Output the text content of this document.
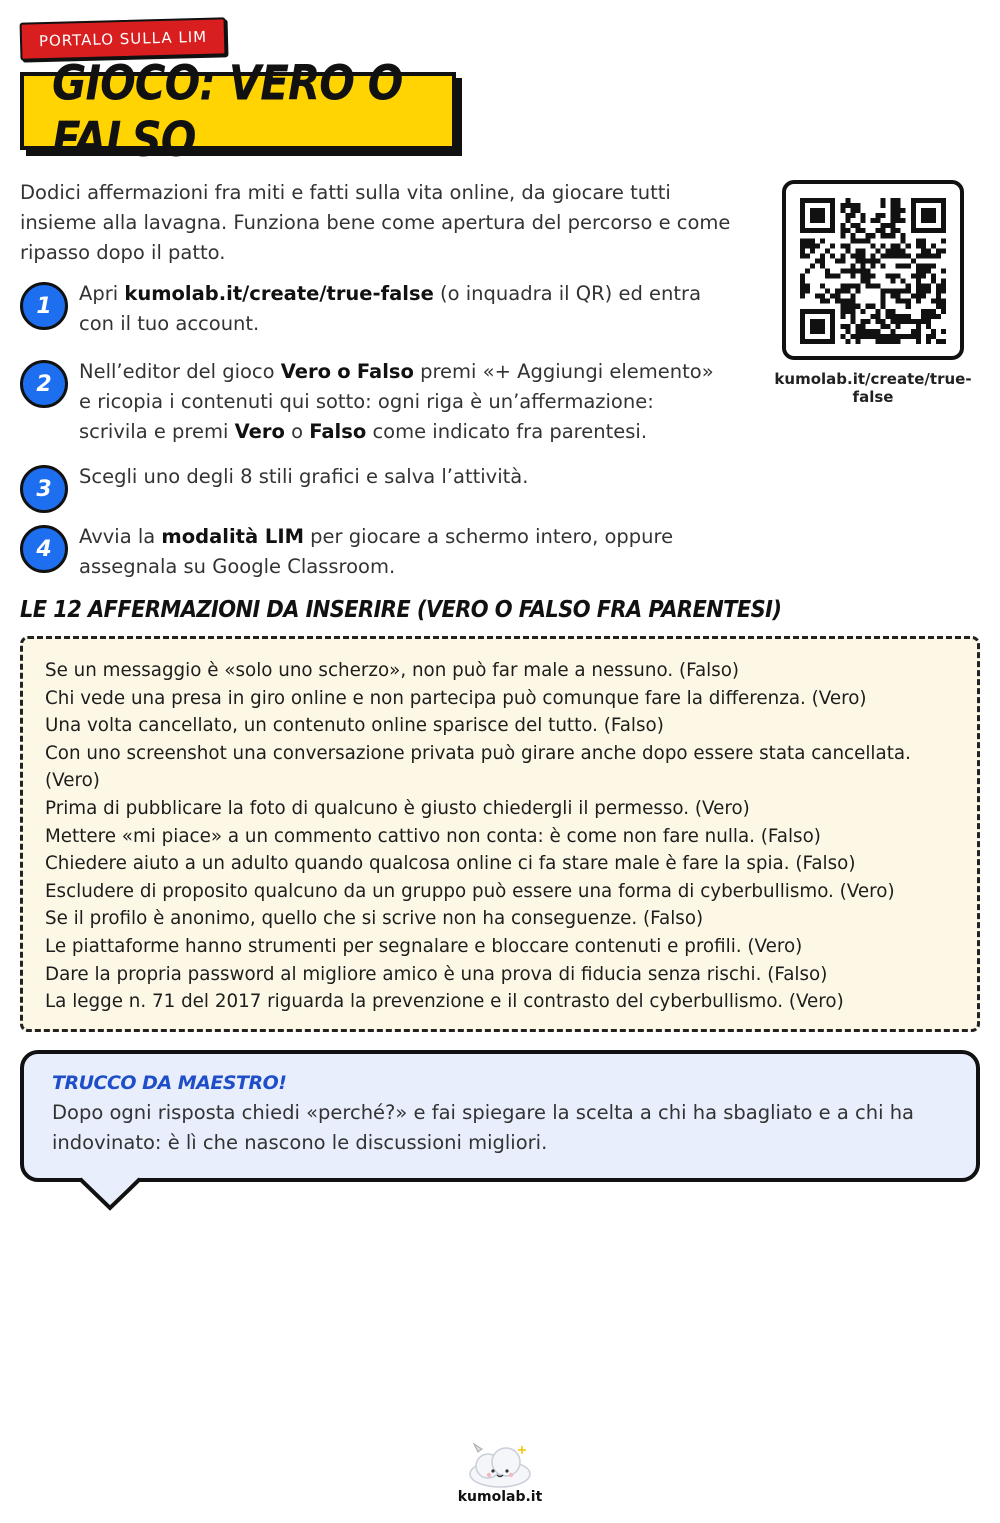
PORTALO SULLA LIM
GIOCO: VERO O FALSO

Dodici affermazioni fra miti e fatti sulla vita online, da giocare tutti insieme alla lavagna. Funziona bene come apertura del percorso e come ripasso dopo il patto.

kumolab.it/create/true-false
1	Apri kumolab.it/create/true-false (o inquadra il QR) ed entra con il tuo account.
2	Nell’editor del gioco Vero o Falso premi «+ Aggiungi elemento» e ricopia i contenuti qui sotto: ogni riga è un’affermazione: scrivila e premi Vero o Falso come indicato fra parentesi.
3	Scegli uno degli 8 stili grafici e salva l’attività.
4	Avvia la modalità LIM per giocare a schermo intero, oppure assegnala su Google Classroom.
LE 12 AFFERMAZIONI DA INSERIRE (VERO O FALSO FRA PARENTESI)
Se un messaggio è «solo uno scherzo», non può far male a nessuno. (Falso)
Chi vede una presa in giro online e non partecipa può comunque fare la differenza. (Vero)
Una volta cancellato, un contenuto online sparisce del tutto. (Falso)
Con uno screenshot una conversazione privata può girare anche dopo essere stata cancellata. (Vero)
Prima di pubblicare la foto di qualcuno è giusto chiedergli il permesso. (Vero)
Mettere «mi piace» a un commento cattivo non conta: è come non fare nulla. (Falso)
Chiedere aiuto a un adulto quando qualcosa online ci fa stare male è fare la spia. (Falso)
Escludere di proposito qualcuno da un gruppo può essere una forma di cyberbullismo. (Vero)
Se il profilo è anonimo, quello che si scrive non ha conseguenze. (Falso)
Le piattaforme hanno strumenti per segnalare e bloccare contenuti e profili. (Vero)
Dare la propria password al migliore amico è una prova di fiducia senza rischi. (Falso)
La legge n. 71 del 2017 riguarda la prevenzione e il contrasto del cyberbullismo. (Vero)
TRUCCO DA MAESTRO!
Dopo ogni risposta chiedi «perché?» e fai spiegare la scelta a chi ha sbagliato e a chi ha indovinato: è lì che nascono le discussioni migliori.
kumolab.it
